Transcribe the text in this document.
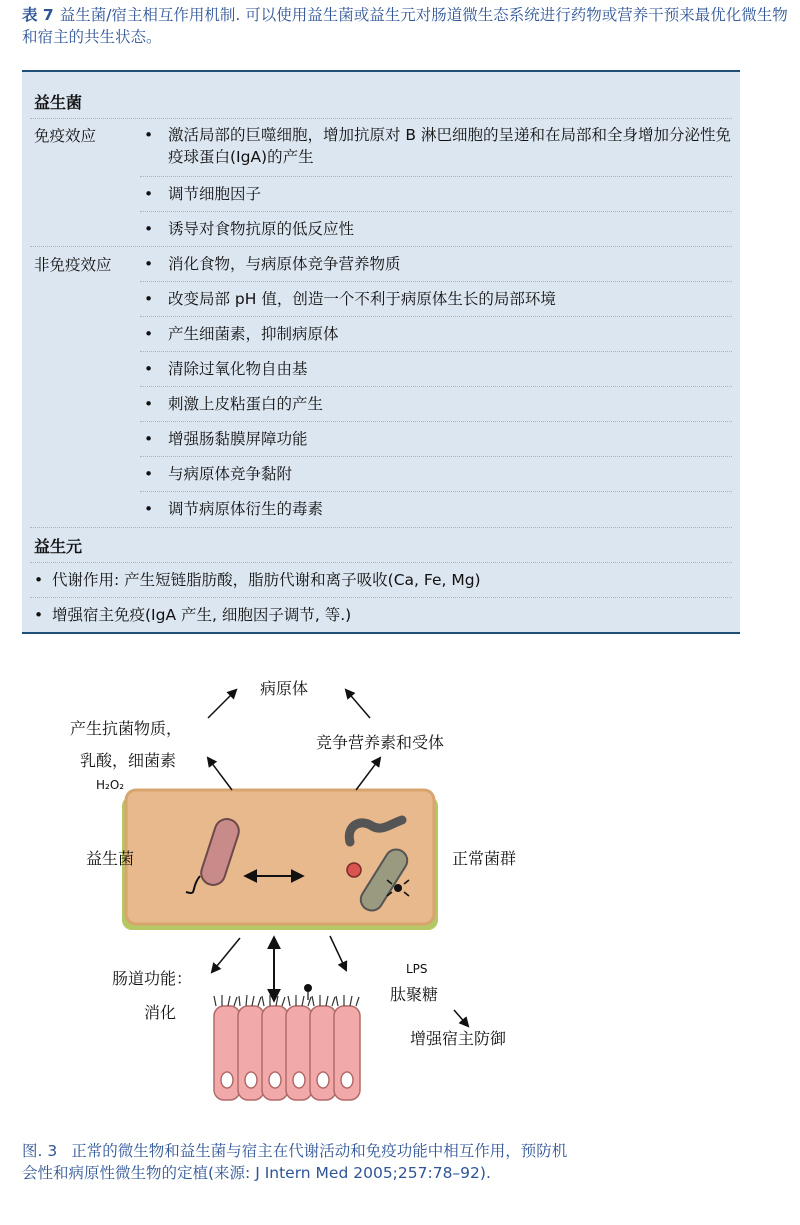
表 7 益生菌/宿主相互作用机制. 可以使用益生菌或益生元对肠道微生态系统进行药物或营养干预来最优化微生物和宿主的共生状态。
益生菌
免疫效应	• 激活局部的巨噬细胞，增加抗原对 B 淋巴细胞的呈递和在局部和全身增加分泌性免疫球蛋白(IgA)的产生
• 调节细胞因子
• 诱导对食物抗原的低反应性
非免疫效应 • 消化食物，与病原体竞争营养物质
• 改变局部 pH 值，创造一个不利于病原体生长的局部环境
• 产生细菌素，抑制病原体
• 清除过氧化物自由基
• 刺激上皮粘蛋白的产生
• 增强肠黏膜屏障功能
• 与病原体竞争黏附
• 调节病原体衍生的毒素
益生元
• 代谢作用: 产生短链脂肪酸，脂肪代谢和离子吸收(Ca, Fe, Mg)
• 增强宿主免疫(IgA 产生, 细胞因子调节, 等.)
病原体
产生抗菌物质，
乳酸，细菌素
H₂O₂
竞争营养素和受体
益生菌	正常菌群
肠道功能：
消化
LPS
肽聚糖
增强宿主防御
图. 3 正常的微生物和益生菌与宿主在代谢活动和免疫功能中相互作用，预防机会性和病原性微生物的定植(来源: J Intern Med 2005;257:78–92).
